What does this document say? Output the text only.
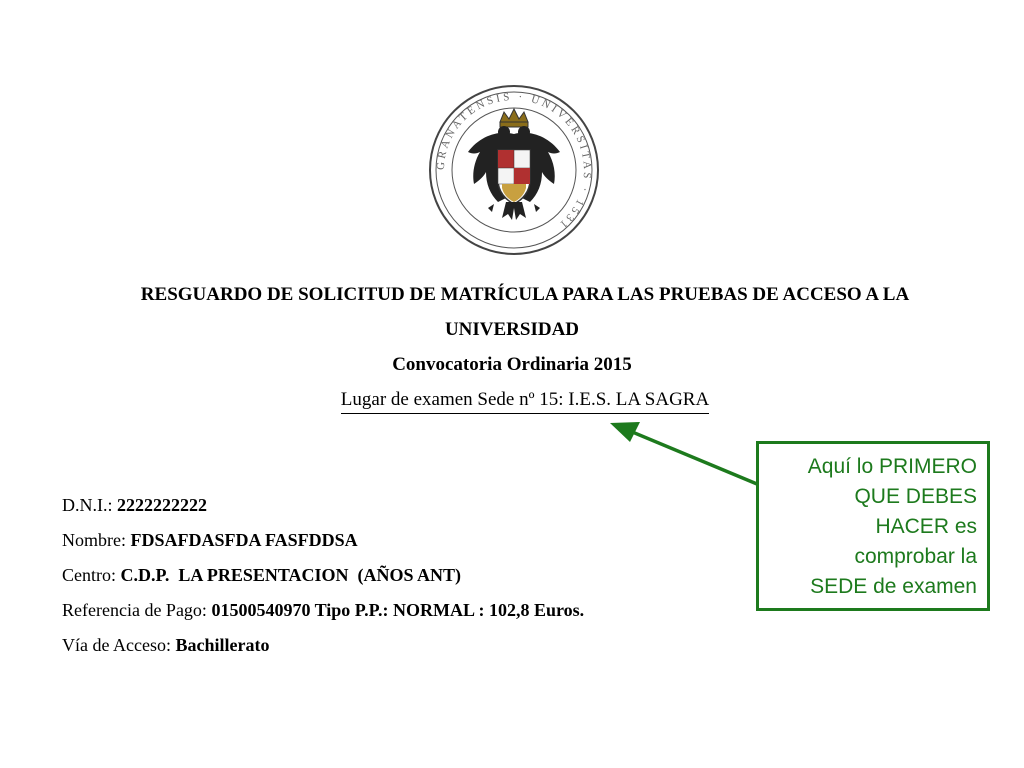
GRANATENSIS · UNIVERSITAS · 1531
RESGUARDO DE SOLICITUD DE MATRÍCULA PARA LAS PRUEBAS DE ACCESO A LA
UNIVERSIDAD
Convocatoria Ordinaria 2015
Lugar de examen Sede nº 15: I.E.S. LA SAGRA
D.N.I.: 2222222222
Nombre: FDSAFDASFDA FASFDDSA
Centro: C.D.P.  LA PRESENTACION  (AÑOS ANT)
Referencia de Pago: 01500540970 Tipo P.P.: NORMAL : 102,8 Euros.
Vía de Acceso: Bachillerato
Aquí lo PRIMERO
QUE DEBES
HACER es
comprobar la
SEDE de examen
